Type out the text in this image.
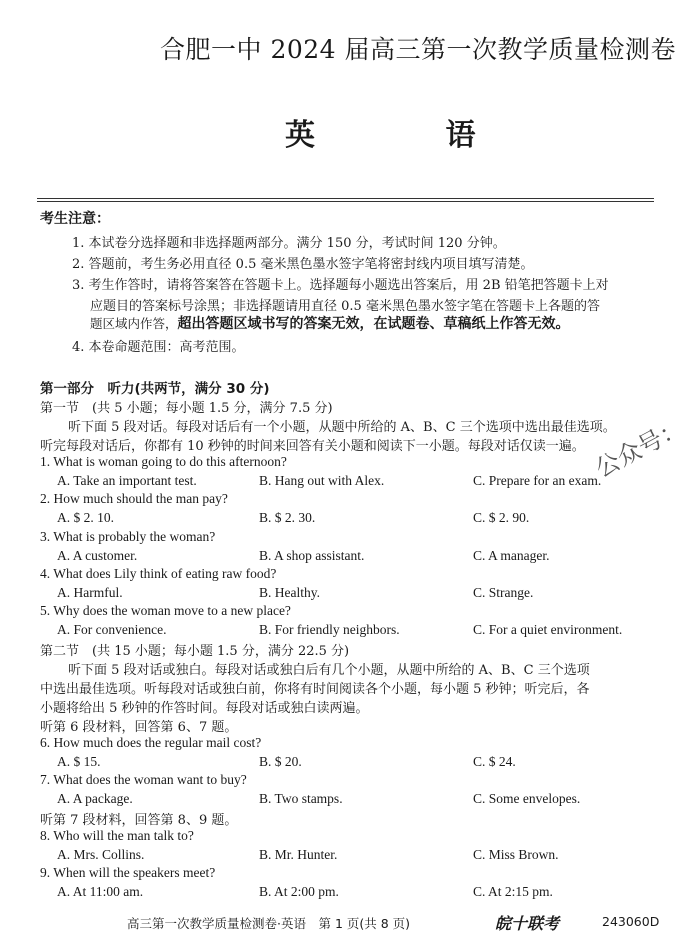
合肥一中 2024 届高三第一次教学质量检测卷
英 语
考生注意：
1. 本试卷分选择题和非选择题两部分。满分 150 分，考试时间 120 分钟。
2. 答题前，考生务必用直径 0.5 毫米黑色墨水签字笔将密封线内项目填写清楚。
3. 考生作答时，请将答案答在答题卡上。选择题每小题选出答案后，用 2B 铅笔把答题卡上对
应题目的答案标号涂黑；非选择题请用直径 0.5 毫米黑色墨水签字笔在答题卡上各题的答
题区域内作答，超出答题区域书写的答案无效，在试题卷、草稿纸上作答无效。
4. 本卷命题范围：高考范围。
第一部分　听力(共两节，满分 30 分)
第一节　(共 5 小题；每小题 1.5 分，满分 7.5 分)
听下面 5 段对话。每段对话后有一个小题，从题中所给的 A、B、C 三个选项中选出最佳选项。
听完每段对话后，你都有 10 秒钟的时间来回答有关小题和阅读下一小题。每段对话仅读一遍。
1. What is woman going to do this afternoon?
A. Take an important test.	B. Hang out with Alex.	C. Prepare for an exam.
2. How much should the man pay?
A. $ 2. 10.	B. $ 2. 30.	C. $ 2. 90.
3. What is probably the woman?
A. A customer.	B. A shop assistant.	C. A manager.
4. What does Lily think of eating raw food?
A. Harmful.	B. Healthy.	C. Strange.
5. Why does the woman move to a new place?
A. For convenience.	B. For friendly neighbors.	C. For a quiet environment.
第二节　(共 15 小题；每小题 1.5 分，满分 22.5 分)
听下面 5 段对话或独白。每段对话或独白后有几个小题，从题中所给的 A、B、C 三个选项
中选出最佳选项。听每段对话或独白前，你将有时间阅读各个小题，每小题 5 秒钟；听完后，各
小题将给出 5 秒钟的作答时间。每段对话或独白读两遍。
听第 6 段材料，回答第 6、7 题。
6. How much does the regular mail cost?
A. $ 15.	B. $ 20.	C. $ 24.
7. What does the woman want to buy?
A. A package.	B. Two stamps.	C. Some envelopes.
听第 7 段材料，回答第 8、9 题。
8. Who will the man talk to?
A. Mrs. Collins.	B. Mr. Hunter.	C. Miss Brown.
9. When will the speakers meet?
A. At 11:00 am.	B. At 2:00 pm.	C. At 2:15 pm.
公众号：
高三第一次教学质量检测卷·英语　第 1 页(共 8 页)	皖十联考	243060D
